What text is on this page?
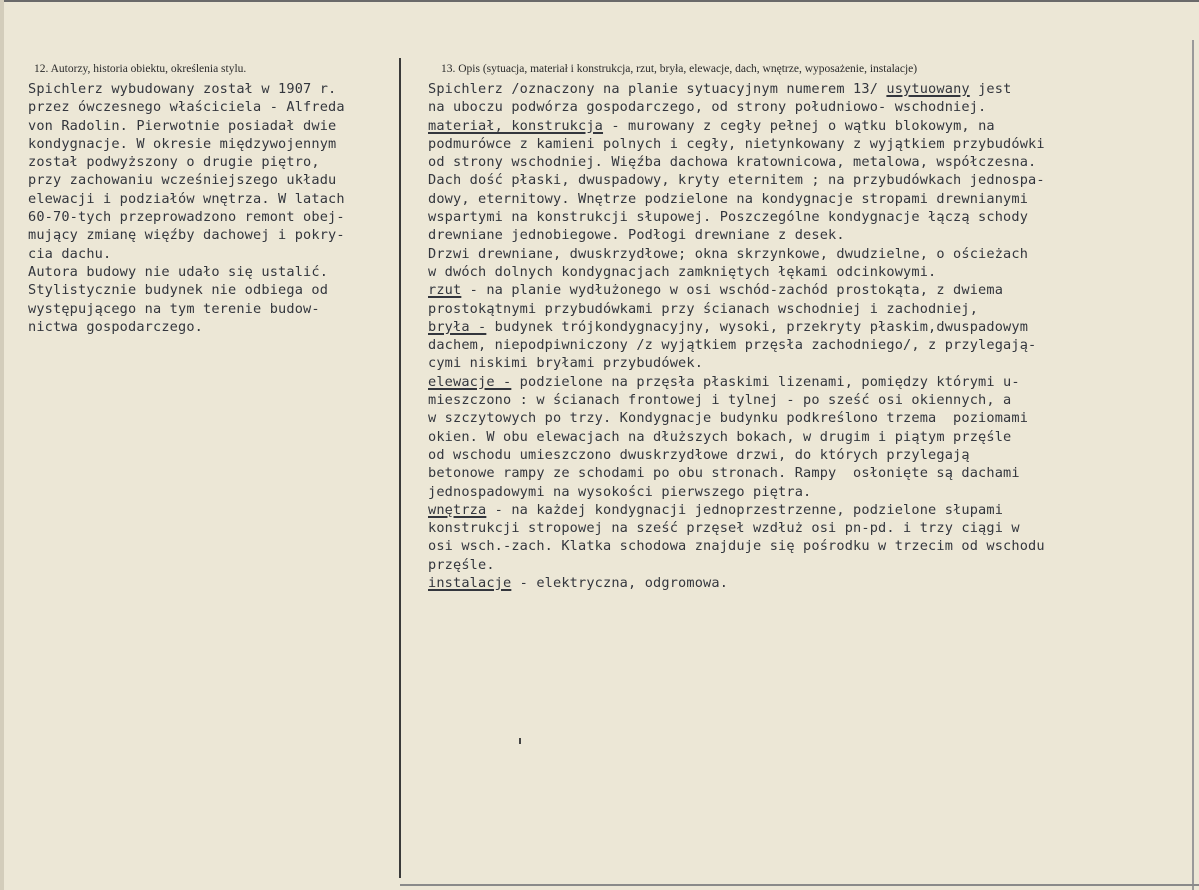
12. Autorzy, historia obiektu, określenia stylu.	13. Opis (sytuacja, materiał i konstrukcja, rzut, bryła, elewacje, dach, wnętrze, wyposażenie, instalacje)
Spichlerz wybudowany został w 1907 r.
przez ówczesnego właściciela - Alfreda
von Radolin. Pierwotnie posiadał dwie
kondygnacje. W okresie międzywojennym
został podwyższony o drugie piętro,
przy zachowaniu wcześniejszego układu
elewacji i podziałów wnętrza. W latach
60-70-tych przeprowadzono remont obej-
mujący zmianę więźby dachowej i pokry-
cia dachu.
Autora budowy nie udało się ustalić.
Stylistycznie budynek nie odbiega od
występującego na tym terenie budow-
nictwa gospodarczego.
Spichlerz /oznaczony na planie sytuacyjnym numerem 13/ usytuowany jest
na uboczu podwórza gospodarczego, od strony południowo- wschodniej.
materiał, konstrukcja - murowany z cegły pełnej o wątku blokowym, na
podmurówce z kamieni polnych i cegły, nietynkowany z wyjątkiem przybudówki
od strony wschodniej. Więźba dachowa kratownicowa, metalowa, współczesna.
Dach dość płaski, dwuspadowy, kryty eternitem ; na przybudówkach jednospa-
dowy, eternitowy. Wnętrze podzielone na kondygnacje stropami drewnianymi
wspartymi na konstrukcji słupowej. Poszczególne kondygnacje łączą schody
drewniane jednobiegowe. Podłogi drewniane z desek.
Drzwi drewniane, dwuskrzydłowe; okna skrzynkowe, dwudzielne, o ościeżach
w dwóch dolnych kondygnacjach zamkniętych łękami odcinkowymi.
rzut - na planie wydłużonego w osi wschód-zachód prostokąta, z dwiema
prostokątnymi przybudówkami przy ścianach wschodniej i zachodniej,
bryła - budynek trójkondygnacyjny, wysoki, przekryty płaskim,dwuspadowym
dachem, niepodpiwniczony /z wyjątkiem przęsła zachodniego/, z przylegają-
cymi niskimi bryłami przybudówek.
elewacje - podzielone na przęsła płaskimi lizenami, pomiędzy którymi u-
mieszczono : w ścianach frontowej i tylnej - po sześć osi okiennych, a
w szczytowych po trzy. Kondygnacje budynku podkreślono trzema  poziomami
okien. W obu elewacjach na dłuższych bokach, w drugim i piątym przęśle
od wschodu umieszczono dwuskrzydłowe drzwi, do których przylegają
betonowe rampy ze schodami po obu stronach. Rampy  osłonięte są dachami
jednospadowymi na wysokości pierwszego piętra.
wnętrza - na każdej kondygnacji jednoprzestrzenne, podzielone słupami
konstrukcji stropowej na sześć przęseł wzdłuż osi pn-pd. i trzy ciągi w
osi wsch.-zach. Klatka schodowa znajduje się pośrodku w trzecim od wschodu
przęśle.
instalacje - elektryczna, odgromowa.
